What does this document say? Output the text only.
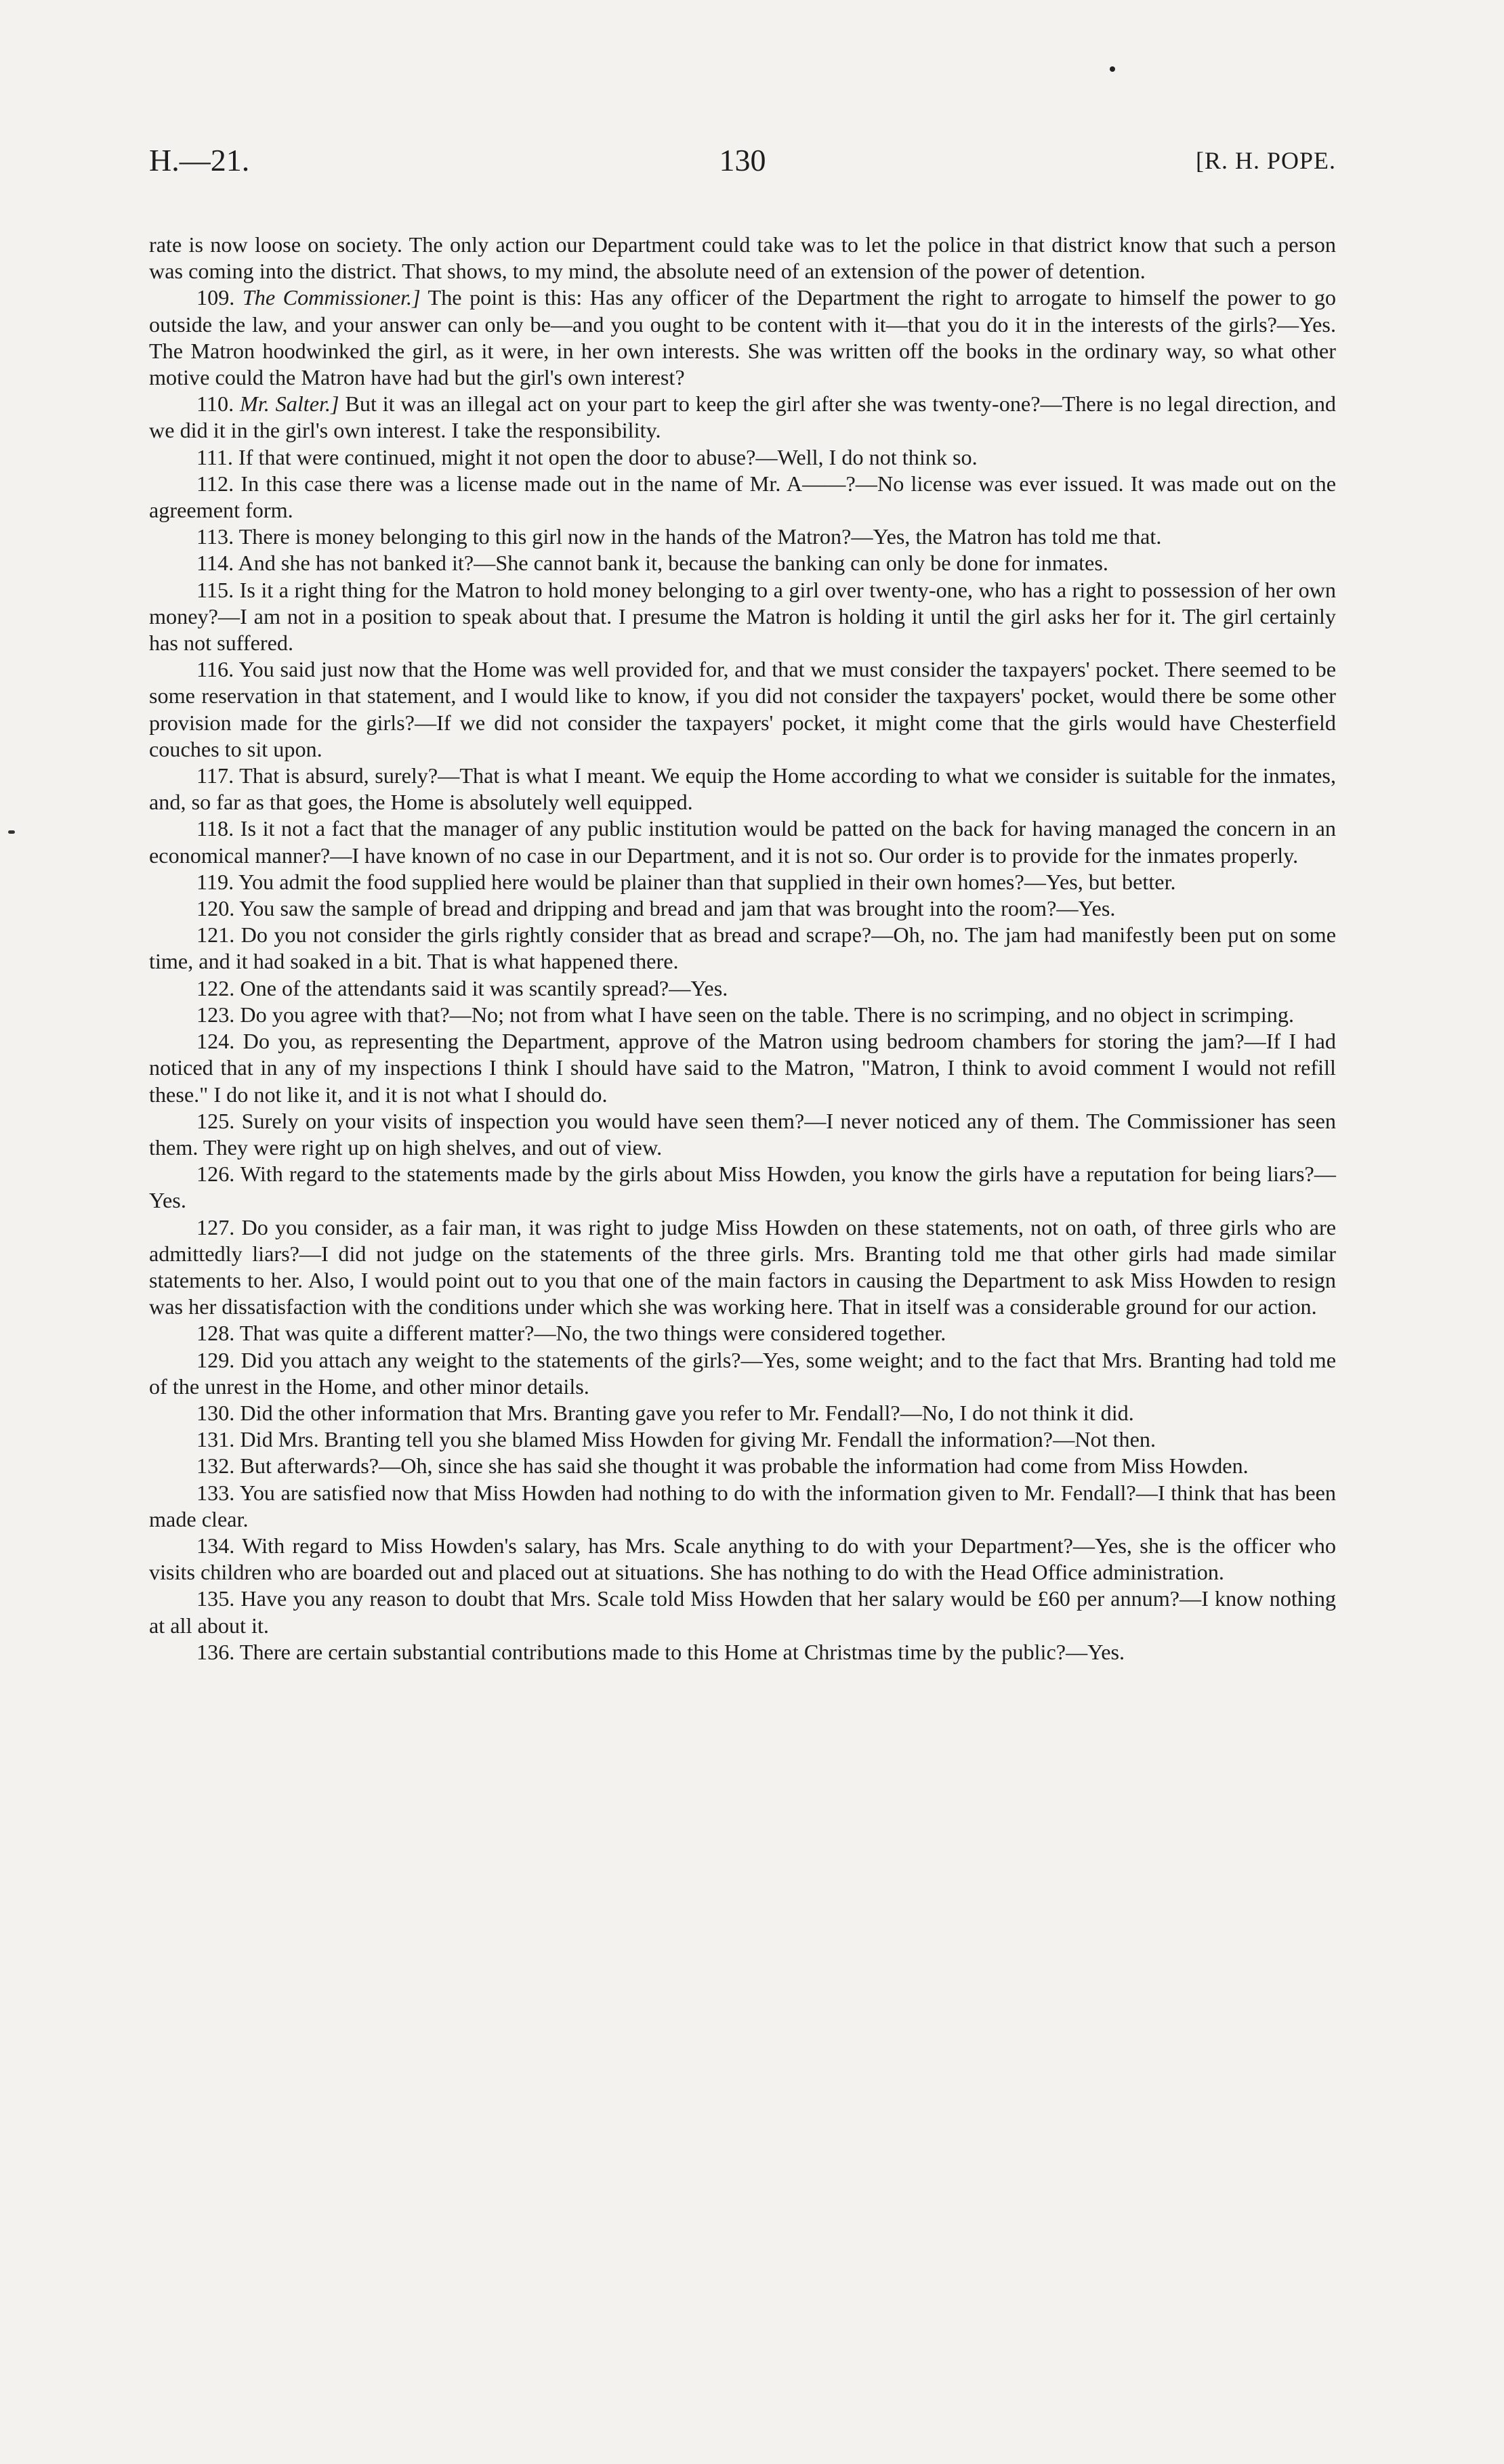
130
H.—21.	[R. H. POPE.

rate is now loose on society. The only action our Department could take was to let the police in that district know that such a person was coming into the district. That shows, to my mind, the absolute need of an extension of the power of detention.

109. The Commissioner.] The point is this: Has any officer of the Department the right to arrogate to himself the power to go outside the law, and your answer can only be—and you ought to be content with it—that you do it in the interests of the girls?—Yes. The Matron hoodwinked the girl, as it were, in her own interests. She was written off the books in the ordinary way, so what other motive could the Matron have had but the girl's own interest?

110. Mr. Salter.] But it was an illegal act on your part to keep the girl after she was twenty-one?—There is no legal direction, and we did it in the girl's own interest. I take the responsibility.

111. If that were continued, might it not open the door to abuse?—Well, I do not think so.

112. In this case there was a license made out in the name of Mr. A——?—No license was ever issued. It was made out on the agreement form.

113. There is money belonging to this girl now in the hands of the Matron?—Yes, the Matron has told me that.

114. And she has not banked it?—She cannot bank it, because the banking can only be done for inmates.

115. Is it a right thing for the Matron to hold money belonging to a girl over twenty-one, who has a right to possession of her own money?—I am not in a position to speak about that. I presume the Matron is holding it until the girl asks her for it. The girl certainly has not suffered.

116. You said just now that the Home was well provided for, and that we must consider the taxpayers' pocket. There seemed to be some reservation in that statement, and I would like to know, if you did not consider the taxpayers' pocket, would there be some other provision made for the girls?—If we did not consider the taxpayers' pocket, it might come that the girls would have Chesterfield couches to sit upon.

117. That is absurd, surely?—That is what I meant. We equip the Home according to what we consider is suitable for the inmates, and, so far as that goes, the Home is absolutely well equipped.

118. Is it not a fact that the manager of any public institution would be patted on the back for having managed the concern in an economical manner?—I have known of no case in our Department, and it is not so. Our order is to provide for the inmates properly.

119. You admit the food supplied here would be plainer than that supplied in their own homes?—Yes, but better.

120. You saw the sample of bread and dripping and bread and jam that was brought into the room?—Yes.

121. Do you not consider the girls rightly consider that as bread and scrape?—Oh, no. The jam had manifestly been put on some time, and it had soaked in a bit. That is what happened there.

122. One of the attendants said it was scantily spread?—Yes.

123. Do you agree with that?—No; not from what I have seen on the table. There is no scrimping, and no object in scrimping.

124. Do you, as representing the Department, approve of the Matron using bedroom chambers for storing the jam?—If I had noticed that in any of my inspections I think I should have said to the Matron, "Matron, I think to avoid comment I would not refill these." I do not like it, and it is not what I should do.

125. Surely on your visits of inspection you would have seen them?—I never noticed any of them. The Commissioner has seen them. They were right up on high shelves, and out of view.

126. With regard to the statements made by the girls about Miss Howden, you know the girls have a reputation for being liars?—Yes.

127. Do you consider, as a fair man, it was right to judge Miss Howden on these statements, not on oath, of three girls who are admittedly liars?—I did not judge on the statements of the three girls. Mrs. Branting told me that other girls had made similar statements to her. Also, I would point out to you that one of the main factors in causing the Department to ask Miss Howden to resign was her dissatisfaction with the conditions under which she was working here. That in itself was a considerable ground for our action.

128. That was quite a different matter?—No, the two things were considered together.

129. Did you attach any weight to the statements of the girls?—Yes, some weight; and to the fact that Mrs. Branting had told me of the unrest in the Home, and other minor details.

130. Did the other information that Mrs. Branting gave you refer to Mr. Fendall?—No, I do not think it did.

131. Did Mrs. Branting tell you she blamed Miss Howden for giving Mr. Fendall the information?—Not then.

132. But afterwards?—Oh, since she has said she thought it was probable the information had come from Miss Howden.

133. You are satisfied now that Miss Howden had nothing to do with the information given to Mr. Fendall?—I think that has been made clear.

134. With regard to Miss Howden's salary, has Mrs. Scale anything to do with your Department?—Yes, she is the officer who visits children who are boarded out and placed out at situations. She has nothing to do with the Head Office administration.

135. Have you any reason to doubt that Mrs. Scale told Miss Howden that her salary would be £60 per annum?—I know nothing at all about it.

136. There are certain substantial contributions made to this Home at Christmas time by the public?—Yes.
